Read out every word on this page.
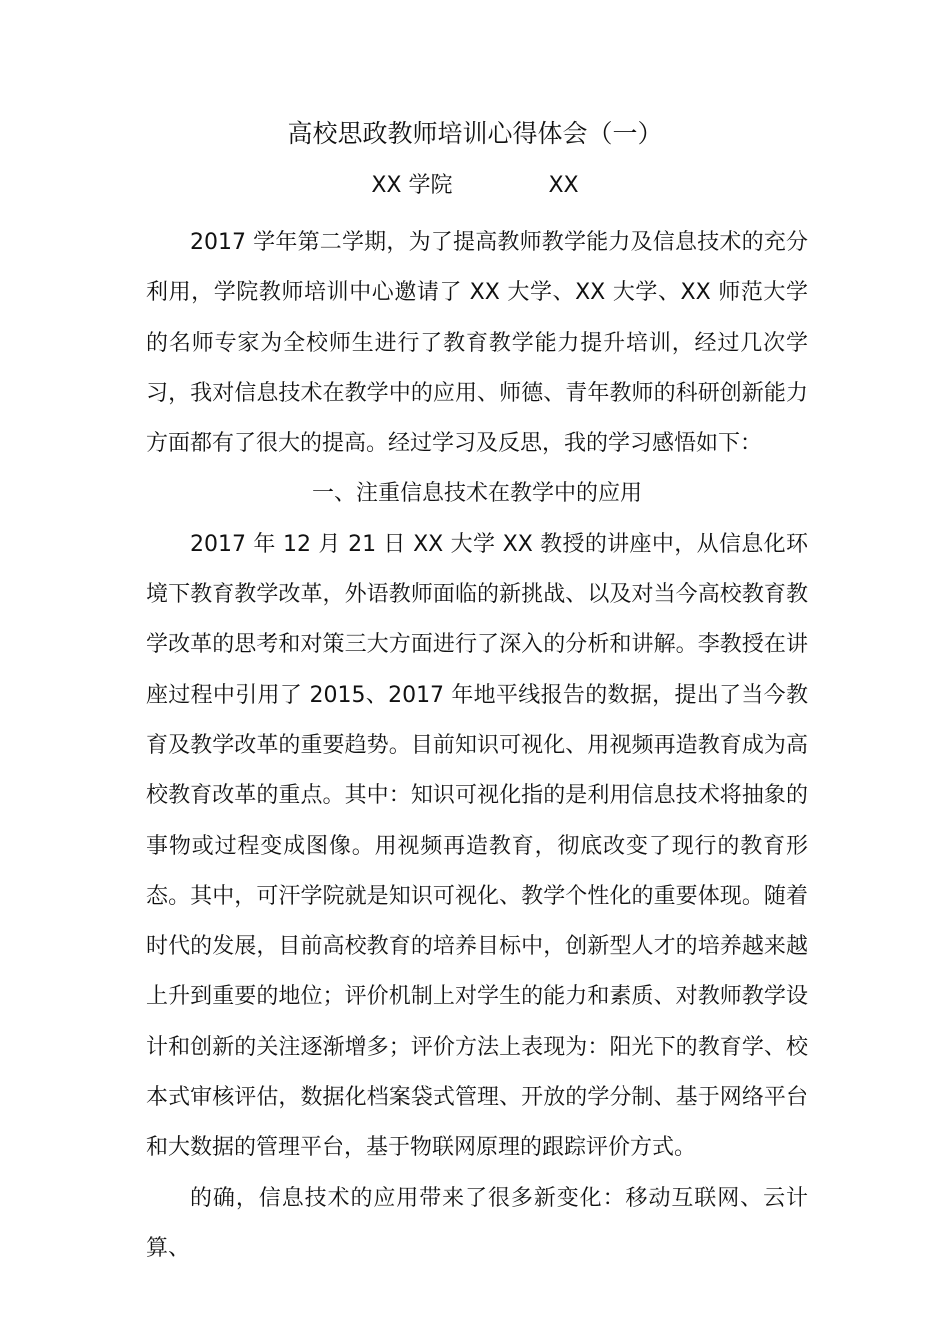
高校思政教师培训心得体会（一）
XX 学院	XX

2017 学年第二学期，为了提高教师教学能力及信息技术的充分利用，学院教师培训中心邀请了 XX 大学、XX 大学、XX 师范大学的名师专家为全校师生进行了教育教学能力提升培训，经过几次学习，我对信息技术在教学中的应用、师德、青年教师的科研创新能力方面都有了很大的提高。经过学习及反思，我的学习感悟如下：

一、注重信息技术在教学中的应用

2017 年 12 月 21 日 XX 大学 XX 教授的讲座中，从信息化环境下教育教学改革，外语教师面临的新挑战、以及对当今高校教育教学改革的思考和对策三大方面进行了深入的分析和讲解。李教授在讲座过程中引用了 2015、2017 年地平线报告的数据，提出了当今教育及教学改革的重要趋势。目前知识可视化、用视频再造教育成为高校教育改革的重点。其中：知识可视化指的是利用信息技术将抽象的事物或过程变成图像。用视频再造教育，彻底改变了现行的教育形态。其中，可汗学院就是知识可视化、教学个性化的重要体现。随着时代的发展，目前高校教育的培养目标中，创新型人才的培养越来越上升到重要的地位；评价机制上对学生的能力和素质、对教师教学设计和创新的关注逐渐增多；评价方法上表现为：阳光下的教育学、校本式审核评估，数据化档案袋式管理、开放的学分制、基于网络平台和大数据的管理平台，基于物联网原理的跟踪评价方式。

的确，信息技术的应用带来了很多新变化：移动互联网、云计算、
